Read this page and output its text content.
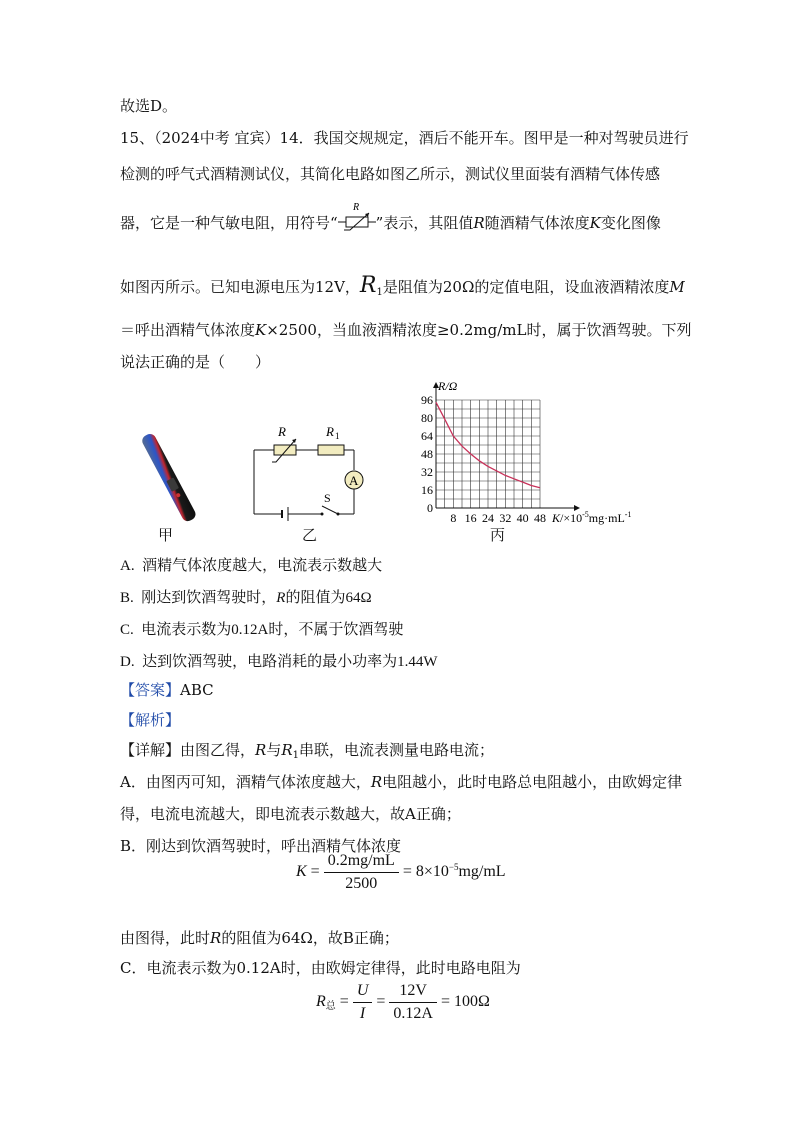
故选D。
15、（2024中考 宜宾）14．我国交规规定，酒后不能开车。图甲是一种对驾驶员进行
检测的呼气式酒精测试仪，其简化电路如图乙所示，测试仪里面装有酒精气体传感
器，它是一种气敏电阻，用符号“
R
”表示，其阻值R随酒精气体浓度K变化图像
如图丙所示。已知电源电压为12V，$R_1$是阻值为20Ω的定值电阻，设血液酒精浓度M
＝呼出酒精气体浓度K×2500，当血液酒精浓度≥0.2mg/mL时，属于饮酒驾驶。下列
说法正确的是（　　）
甲
R	R 1
A
S
乙
96
80
64
48
32
16
0
8 16 24 32 40 48
R/Ω
$K/\times 10^{-5}mg\cdot mL^{-1}$
丙
A. 酒精气体浓度越大，电流表示数越大
B. 刚达到饮酒驾驶时，R的阻值为64Ω
C. 电流表示数为0.12A时，不属于饮酒驾驶
D. 达到饮酒驾驶，电路消耗的最小功率为1.44W
【答案】ABC
【解析】
【详解】由图乙得，R与$R_1$串联，电流表测量电路电流；
A．由图丙可知，酒精气体浓度越大，R电阻越小，此时电路总电阻越小，由欧姆定律
得，电流电流越大，即电流表示数越大，故A正确；
B．刚达到饮酒驾驶时，呼出酒精气体浓度
$K = \frac{0.2mg/mL}{2500} = 8\times 10^{-5}mg/mL$
由图得，此时R的阻值为64Ω，故B正确；
C．电流表示数为0.12A时，由欧姆定律得，此时电路电阻为
$R_总 = \frac{U}{I} = \frac{12V}{0.12A} = 100\Omega$
